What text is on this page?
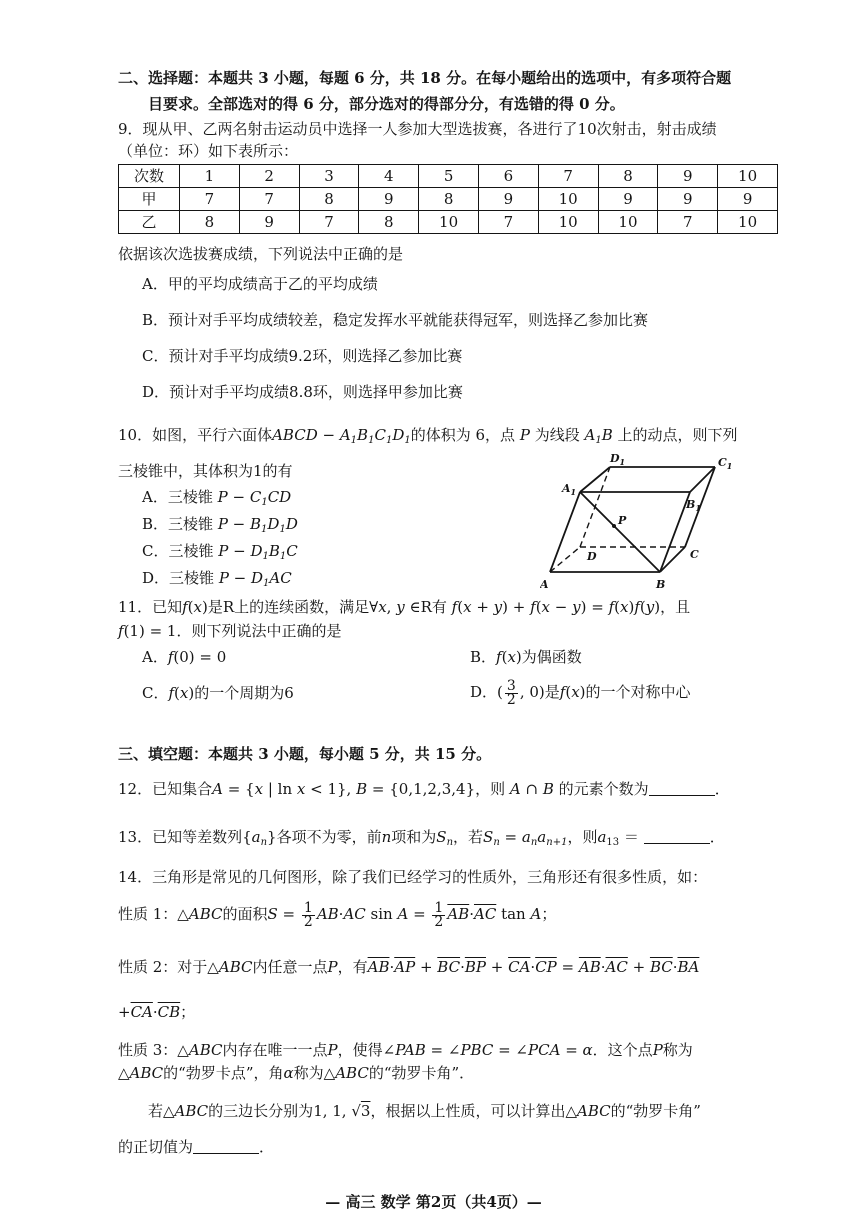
二、选择题：本题共 3 小题，每题 6 分，共 18 分。在每小题给出的选项中，有多项符合题
目要求。全部选对的得 6 分，部分选对的得部分分，有选错的得 0 分。
9．现从甲、乙两名射击运动员中选择一人参加大型选拔赛，各进行了10次射击，射击成绩
（单位：环）如下表所示：
次数	1	2	3	4	5	6	7	8	9	10
甲	7	7	8	9	8	9	10	9	9	9
乙	8	9	7	8	10	7	10	10	7	10
依据该次选拔赛成绩，下列说法中正确的是
A．甲的平均成绩高于乙的平均成绩
B．预计对手平均成绩较差，稳定发挥水平就能获得冠军，则选择乙参加比赛
C．预计对手平均成绩9.2环，则选择乙参加比赛
D．预计对手平均成绩8.8环，则选择甲参加比赛
10．如图，平行六面体ABCD − $A_1B_1C_1D_1$的体积为 6，点 P 为线段 $A_1B$ 上的动点，则下列
三棱锥中，其体积为1的有
A．三棱锥 $P - C_1CD$
B．三棱锥 $P - B_1D_1D$
C．三棱锥 $P - D_1B_1C$
D．三棱锥 $P - D_1AC$	A	B
C
D
$A_1$
$B_1$
$C_1$
$D_1$
P
11．已知f(x)是R上的连续函数，满足∀x, y ∈R有 f(x + y) + f(x − y) = f(x)f(y)，且
f(1) = 1．则下列说法中正确的是
A．f(0) = 0	B．f(x)为偶函数
C．f(x)的一个周期为6	D．( $\frac{3}{2}$ , 0)是f(x)的一个对称中心
三、填空题：本题共 3 小题，每小题 5 分，共 15 分。
12．已知集合A = {x | ln x < 1}, B = {0,1,2,3,4}，则 A ∩ B 的元素个数为	．
13．已知等差数列$\{a_n\}$各项不为零，前n项和为$S_n$，若$S_n = a_na_{n+1}$，则$a_{13}$ ＝	．
14．三角形是常见的几何图形，除了我们已经学习的性质外，三角形还有很多性质，如：
性质 1：△ABC的面积$S = \frac{1}{2} AB\cdot AC$ $\sin A = \frac{1}{2} \overline{AB}\cdot\overline{AC}$ tan A；
性质 2：对于△ABC内任意一点P，有$\overline{AB}\cdot\overline{AP} + \overline{BC}\cdot\overline{BP} + \overline{CA}\cdot\overline{CP} = \overline{AB}\cdot\overline{AC} + \overline{BC}\cdot\overline{BA}$
$+\overline{CA}\cdot\overline{CB}$；
性质 3：△ABC内存在唯一一点P，使得∠PAB = ∠PBC = ∠PCA = α．这个点P称为
△ABC的“勃罗卡点”，角α称为△ABC的“勃罗卡角”．
若△ABC的三边长分别为1, 1, √3，根据以上性质，可以计算出△ABC的“勃罗卡角”
的正切值为	．
— 高三 数学 第2页（共4页）—
